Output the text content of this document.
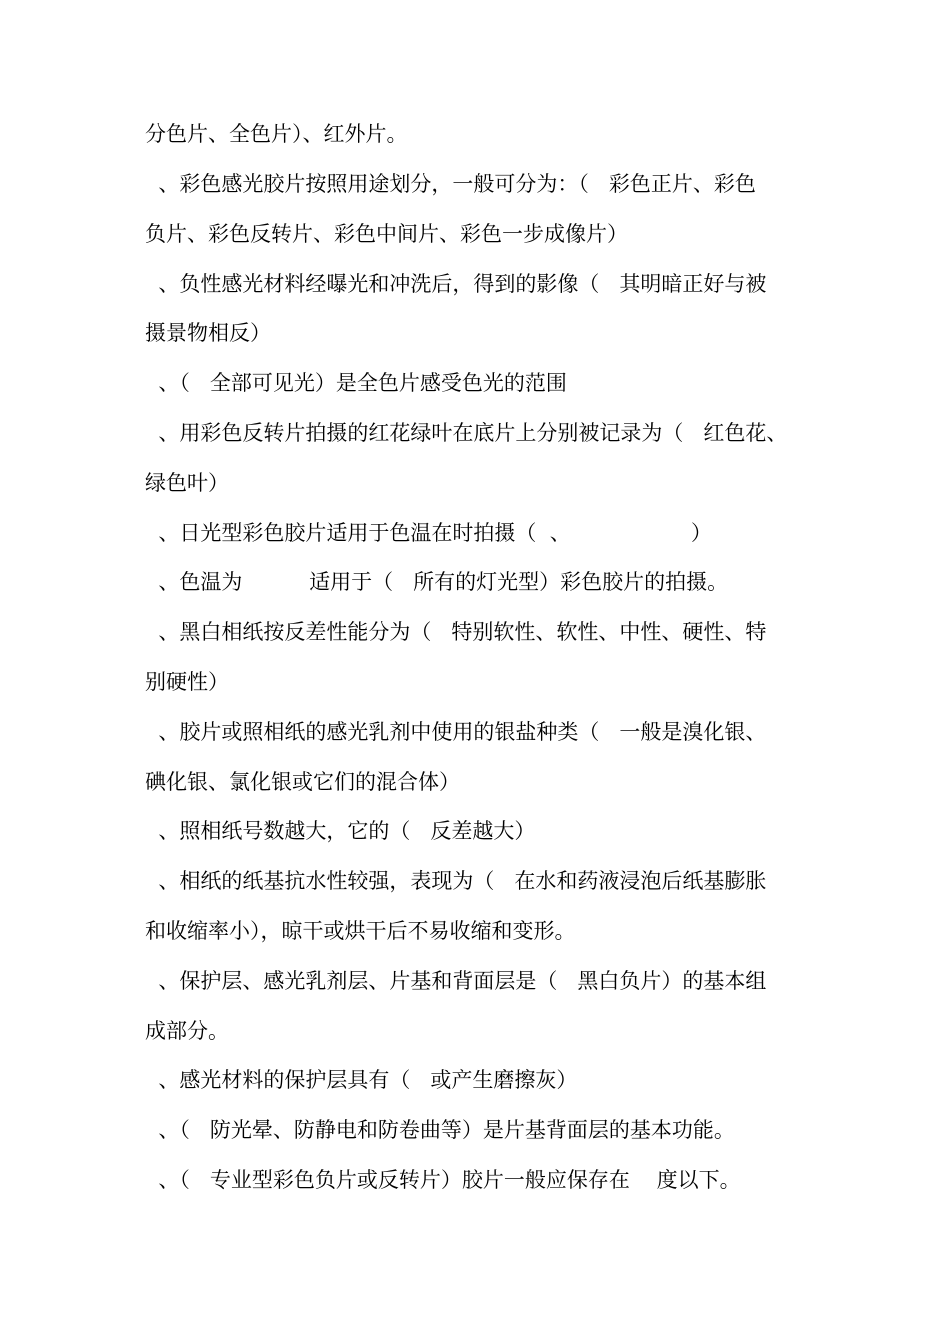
分色片、全色片）、红外片。
、彩色感光胶片按照用途划分，一般可分为：（   彩色正片、彩色
负片、彩色反转片、彩色中间片、彩色一步成像片）
、负性感光材料经曝光和冲洗后，得到的影像（   其明暗正好与被
摄景物相反）
、（   全部可见光）是全色片感受色光的范围
、用彩色反转片拍摄的红花绿叶在底片上分别被记录为（   红色花、
绿色叶）
、日光型彩色胶片适用于色温在时拍摄（  、                  ）
、色温为          适用于（   所有的灯光型）彩色胶片的拍摄。
、黑白相纸按反差性能分为（   特别软性、软性、中性、硬性、特
别硬性）
、胶片或照相纸的感光乳剂中使用的银盐种类（   一般是溴化银、
碘化银、氯化银或它们的混合体）
、照相纸号数越大，它的（   反差越大）
、相纸的纸基抗水性较强，表现为（   在水和药液浸泡后纸基膨胀
和收缩率小），晾干或烘干后不易收缩和变形。
、保护层、感光乳剂层、片基和背面层是（   黑白负片）的基本组
成部分。
、感光材料的保护层具有（   或产生磨擦灰）
、（   防光晕、防静电和防卷曲等）是片基背面层的基本功能。
、（   专业型彩色负片或反转片）胶片一般应保存在    度以下。
